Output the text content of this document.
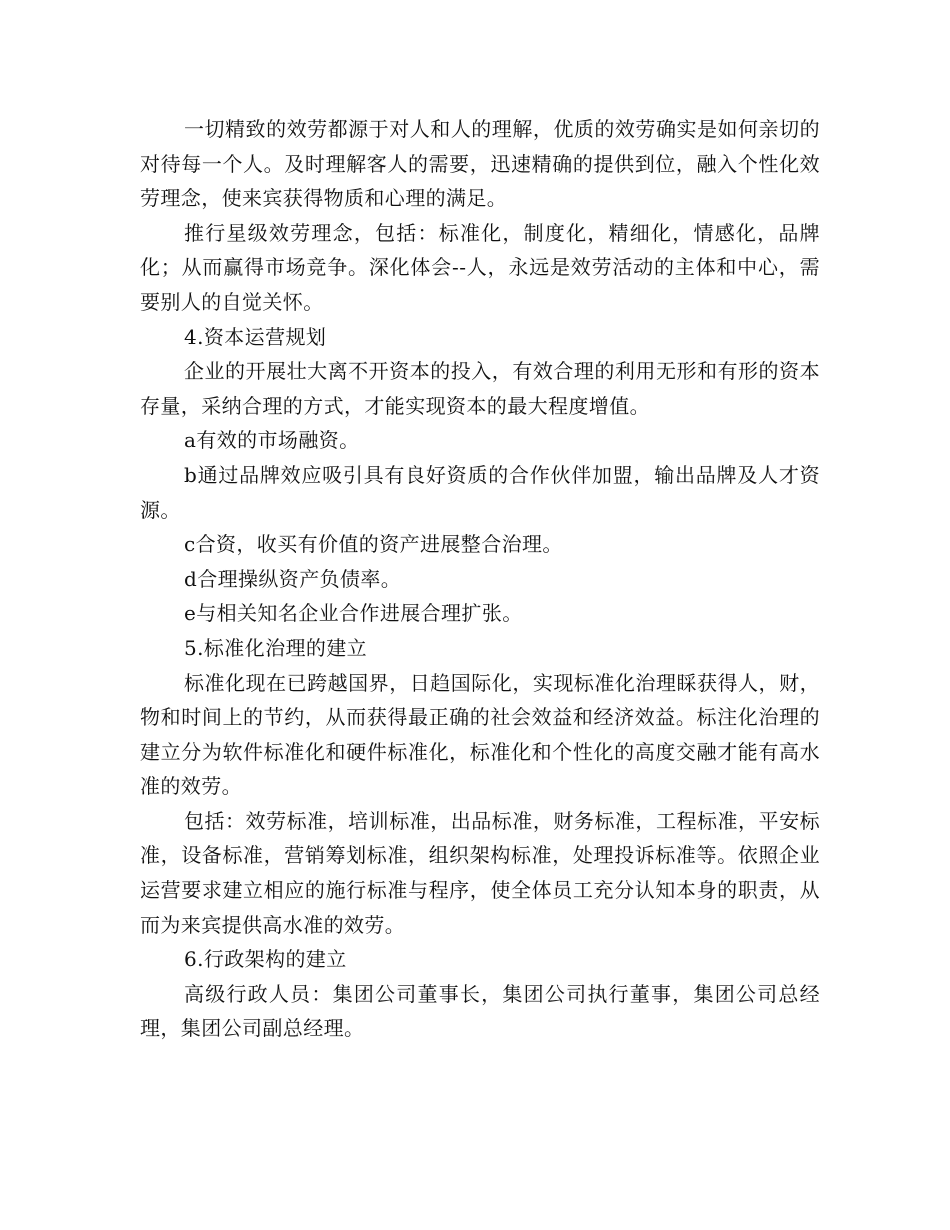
一切精致的效劳都源于对人和人的理解，优质的效劳确实是如何亲切的对待每一个人。及时理解客人的需要，迅速精确的提供到位，融入个性化效劳理念，使来宾获得物质和心理的满足。

推行星级效劳理念，包括：标准化，制度化，精细化，情感化，品牌化；从而赢得市场竞争。深化体会--人，永远是效劳活动的主体和中心，需要别人的自觉关怀。

4.资本运营规划

企业的开展壮大离不开资本的投入，有效合理的利用无形和有形的资本存量，采纳合理的方式，才能实现资本的最大程度增值。

a有效的市场融资。

b通过品牌效应吸引具有良好资质的合作伙伴加盟，输出品牌及人才资源。

c合资，收买有价值的资产进展整合治理。

d合理操纵资产负债率。

e与相关知名企业合作进展合理扩张。

5.标准化治理的建立

标准化现在已跨越国界，日趋国际化，实现标准化治理睬获得人，财，物和时间上的节约，从而获得最正确的社会效益和经济效益。标注化治理的建立分为软件标准化和硬件标准化，标准化和个性化的高度交融才能有高水准的效劳。

包括：效劳标准，培训标准，出品标准，财务标准，工程标准，平安标准，设备标准，营销筹划标准，组织架构标准，处理投诉标准等。依照企业运营要求建立相应的施行标准与程序，使全体员工充分认知本身的职责，从而为来宾提供高水准的效劳。

6.行政架构的建立

高级行政人员：集团公司董事长，集团公司执行董事，集团公司总经理，集团公司副总经理。
